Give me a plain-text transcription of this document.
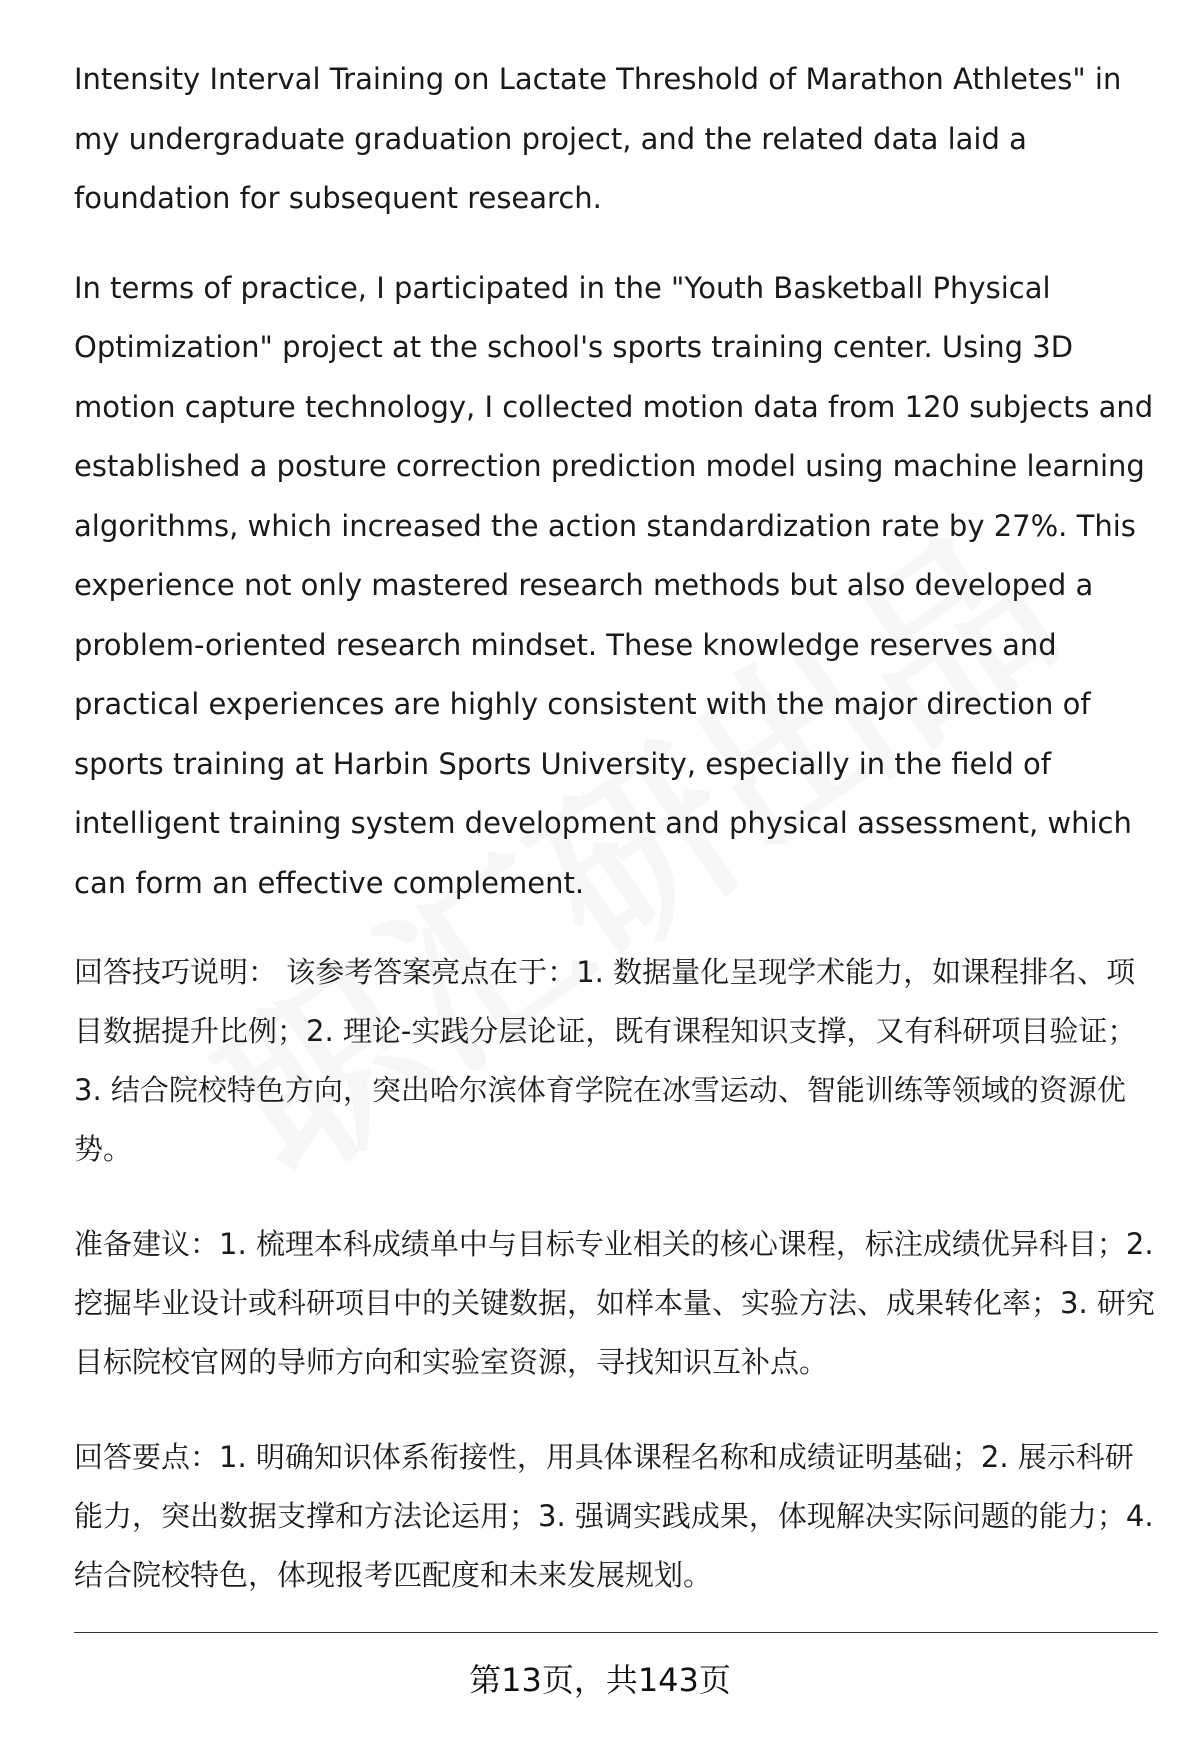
Intensity Interval Training on Lactate Threshold of Marathon Athletes" in my undergraduate graduation project, and the related data laid a foundation for subsequent research.

In terms of practice, I participated in the "Youth Basketball Physical Optimization" project at the school's sports training center. Using 3D motion capture technology, I collected motion data from 120 subjects and established a posture correction prediction model using machine learning algorithms, which increased the action standardization rate by 27%. This experience not only mastered research methods but also developed a problem-oriented research mindset. These knowledge reserves and practical experiences are highly consistent with the major direction of sports training at Harbin Sports University, especially in the field of intelligent training system development and physical assessment, which can form an effective complement.

回答技巧说明： 该参考答案亮点在于：1. 数据量化呈现学术能力，如课程排名、项目数据提升比例；2. 理论-实践分层论证，既有课程知识支撑，又有科研项目验证；3. 结合院校特色方向，突出哈尔滨体育学院在冰雪运动、智能训练等领域的资源优势。

准备建议：1. 梳理本科成绩单中与目标专业相关的核心课程，标注成绩优异科目；2. 挖掘毕业设计或科研项目中的关键数据，如样本量、实验方法、成果转化率；3. 研究目标院校官网的导师方向和实验室资源，寻找知识互补点。

回答要点：1. 明确知识体系衔接性，用具体课程名称和成绩证明基础；2. 展示科研能力，突出数据支撑和方法论运用；3. 强调实践成果，体现解决实际问题的能力；4. 结合院校特色，体现报考匹配度和未来发展规划。

第13页，共143页
